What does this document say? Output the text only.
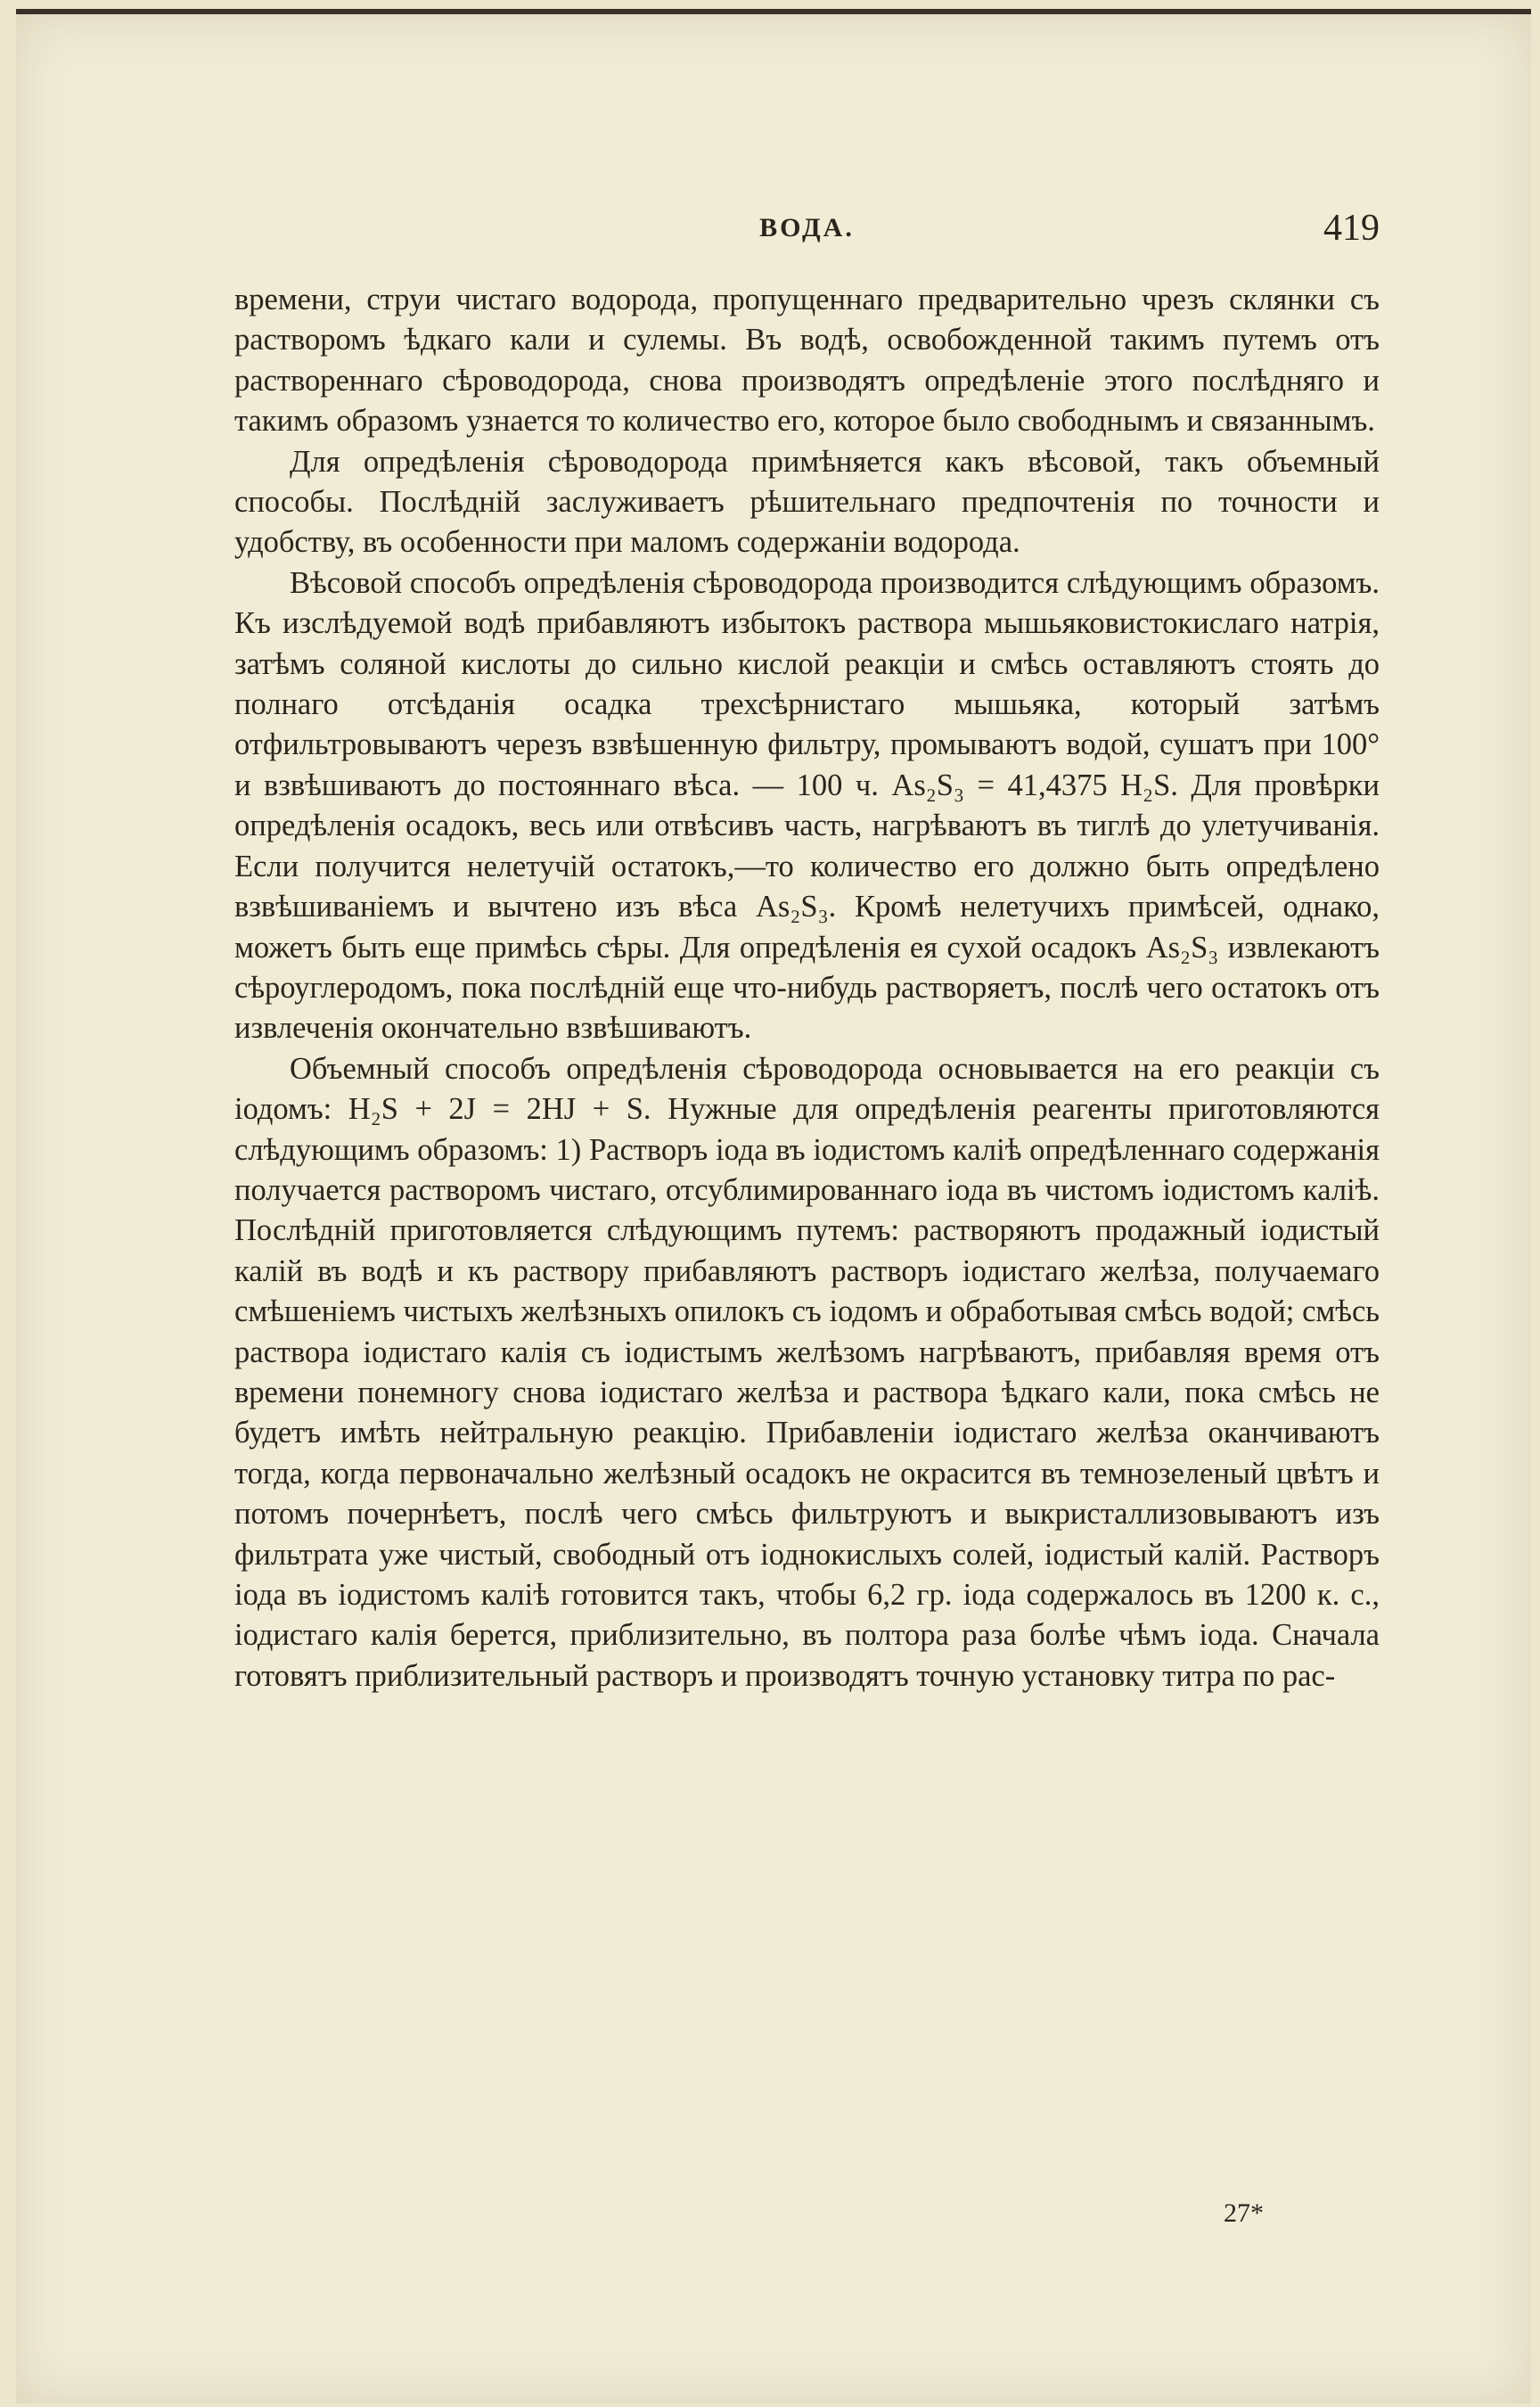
ВОДА.	419

времени, струи чистаго водорода, пропущеннаго предварительно чрезъ склянки съ растворомъ ѣдкаго кали и сулемы. Въ водѣ, освобожденной такимъ путемъ отъ раствореннаго сѣроводорода, снова производятъ опредѣленіе этого послѣдняго и такимъ образомъ узнается то количество его, которое было свободнымъ и связаннымъ.

Для опредѣленія сѣроводорода примѣняется какъ вѣсовой, такъ объемный способы. Послѣдній заслуживаетъ рѣшительнаго предпочтенія по точности и удобству, въ особенности при маломъ содержаніи водорода.

Вѣсовой способъ опредѣленія сѣроводорода производится слѣдующимъ образомъ. Къ изслѣдуемой водѣ прибавляютъ избытокъ раствора мышьяковистокислаго натрія, затѣмъ соляной кислоты до сильно кислой реакціи и смѣсь оставляютъ стоять до полнаго отсѣданія осадка трехсѣрнистаго мышьяка, который затѣмъ отфильтровываютъ черезъ взвѣшенную фильтру, промываютъ водой, сушатъ при 100° и взвѣшиваютъ до постояннаго вѣса. — 100 ч. As₂S₃ = 41,4375 H₂S. Для провѣрки опредѣленія осадокъ, весь или отвѣсивъ часть, нагрѣваютъ въ тиглѣ до улетучиванія. Если получится нелетучій остатокъ,—то количество его должно быть опредѣлено взвѣшиваніемъ и вычтено изъ вѣса As₂S₃. Кромѣ нелетучихъ примѣсей, однако, можетъ быть еще примѣсь сѣры. Для опредѣленія ея сухой осадокъ As₂S₃ извлекаютъ сѣроуглеродомъ, пока послѣдній еще что-нибудь растворяетъ, послѣ чего остатокъ отъ извлеченія окончательно взвѣшиваютъ.

Объемный способъ опредѣленія сѣроводорода основывается на его реакціи съ іодомъ: H₂S + 2J = 2HJ + S. Нужные для опредѣленія реагенты приготовляются слѣдующимъ образомъ: 1) Растворъ іода въ іодистомъ каліѣ опредѣленнаго содержанія получается растворомъ чистаго, отсублимированнаго іода въ чистомъ іодистомъ каліѣ. Послѣдній приготовляется слѣдующимъ путемъ: растворяютъ продажный іодистый калій въ водѣ и къ раствору прибавляютъ растворъ іодистаго желѣза, получаемаго смѣшеніемъ чистыхъ желѣзныхъ опилокъ съ іодомъ и обработывая смѣсь водой; смѣсь раствора іодистаго калія съ іодистымъ желѣзомъ нагрѣваютъ, прибавляя время отъ времени понемногу снова іодистаго желѣза и раствора ѣдкаго кали, пока смѣсь не будетъ имѣть нейтральную реакцію. Прибавленіи іодистаго желѣза оканчиваютъ тогда, когда первоначально желѣзный осадокъ не окрасится въ темнозеленый цвѣтъ и потомъ почернѣетъ, послѣ чего смѣсь фильтруютъ и выкристаллизовываютъ изъ фильтрата уже чистый, свободный отъ іоднокислыхъ солей, іодистый калій. Растворъ іода въ іодистомъ каліѣ готовится такъ, чтобы 6,2 гр. іода содержалось въ 1200 к. с., іодистаго калія берется, приблизительно, въ полтора раза болѣе чѣмъ іода. Сначала готовятъ приблизительный растворъ и производятъ точную установку титра по рас-

27*
